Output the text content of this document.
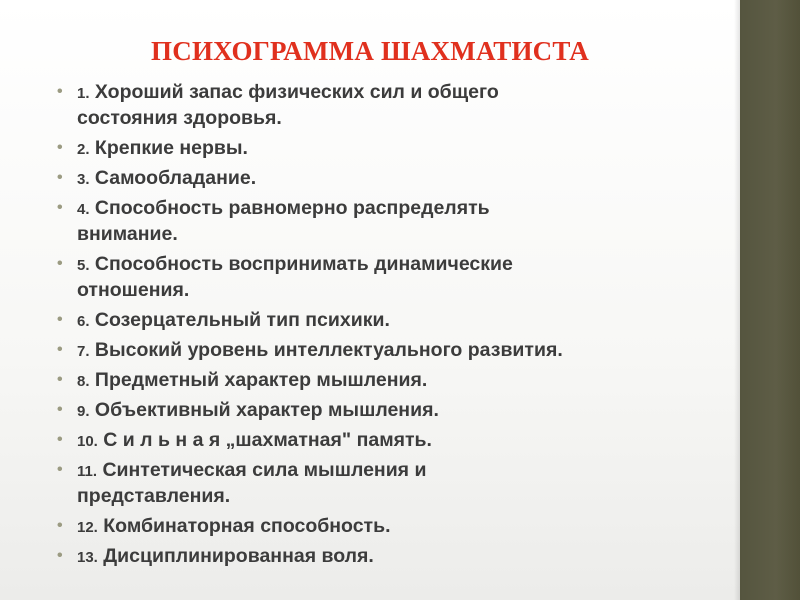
ПСИХОГРАММА ШАХМАТИСТА
• 1. Хороший запас физических сил и общего
состояния здоровья.
• 2. Крепкие нервы.
• 3. Самообладание.
• 4. Способность равномерно распределять
внимание.
• 5. Способность воспринимать динамические
отношения.
• 6. Созерцательный тип психики.
• 7. Высокий уровень интеллектуального развития.
• 8. Предметный характер мышления.
• 9. Объективный характер мышления.
• 10. С и л ь н а я „шахматная" память.
• 11. Синтетическая сила мышления и
представления.
• 12. Комбинаторная способность.
• 13. Дисциплинированная воля.
